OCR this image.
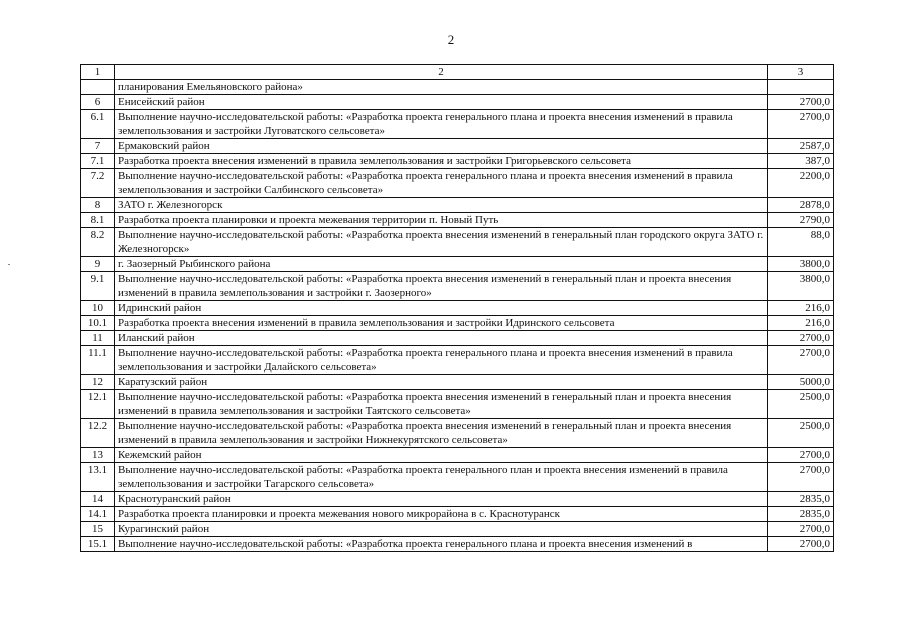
2
1	2	3
	планирования Емельяновского района»	
6	Енисейский район	2700,0
6.1	Выполнение научно-исследовательской работы: «Разработка проекта генерального плана и проекта внесения изменений в правила землепользования и застройки Луговатского сельсовета»	2700,0
7	Ермаковский район	2587,0
7.1	Разработка проекта внесения изменений в правила землепользования и застройки Григорьевского сельсовета	387,0
7.2	Выполнение научно-исследовательской работы: «Разработка проекта генерального плана и проекта внесения изменений в правила землепользования и застройки Салбинского сельсовета»	2200,0
8	ЗАТО г. Железногорск	2878,0
8.1	Разработка проекта планировки и проекта межевания территории п. Новый Путь	2790,0
8.2	Выполнение научно-исследовательской работы: «Разработка проекта внесения изменений в генеральный план городского округа ЗАТО г. Железногорск»	88,0
9	г. Заозерный Рыбинского района	3800,0
9.1	Выполнение научно-исследовательской работы: «Разработка проекта внесения изменений в генеральный план и проекта внесения изменений в правила землепользования и застройки г. Заозерного»	3800,0
10	Идринский район	216,0
10.1	Разработка проекта внесения изменений в правила землепользования и застройки Идринского сельсовета	216,0
11	Иланский район	2700,0
11.1	Выполнение научно-исследовательской работы: «Разработка проекта генерального плана и проекта внесения изменений в правила землепользования и застройки Далайского сельсовета»	2700,0
12	Каратузский район	5000,0
12.1	Выполнение научно-исследовательской работы: «Разработка проекта внесения изменений в генеральный план и проекта внесения изменений в правила землепользования и застройки Таятского сельсовета»	2500,0
12.2	Выполнение научно-исследовательской работы: «Разработка проекта внесения изменений в генеральный план и проекта внесения изменений в правила землепользования и застройки Нижнекурятского сельсовета»	2500,0
13	Кежемский район	2700,0
13.1	Выполнение научно-исследовательской работы: «Разработка проекта генерального план и проекта внесения изменений в правила землепользования и застройки Тагарского сельсовета»	2700,0
14	Краснотуранский район	2835,0
14.1	Разработка проекта планировки и проекта межевания нового микрорайона в с. Краснотуранск	2835,0
15	Курагинский район	2700,0
15.1	Выполнение научно-исследовательской работы: «Разработка проекта генерального плана и проекта внесения изменений в	2700,0
